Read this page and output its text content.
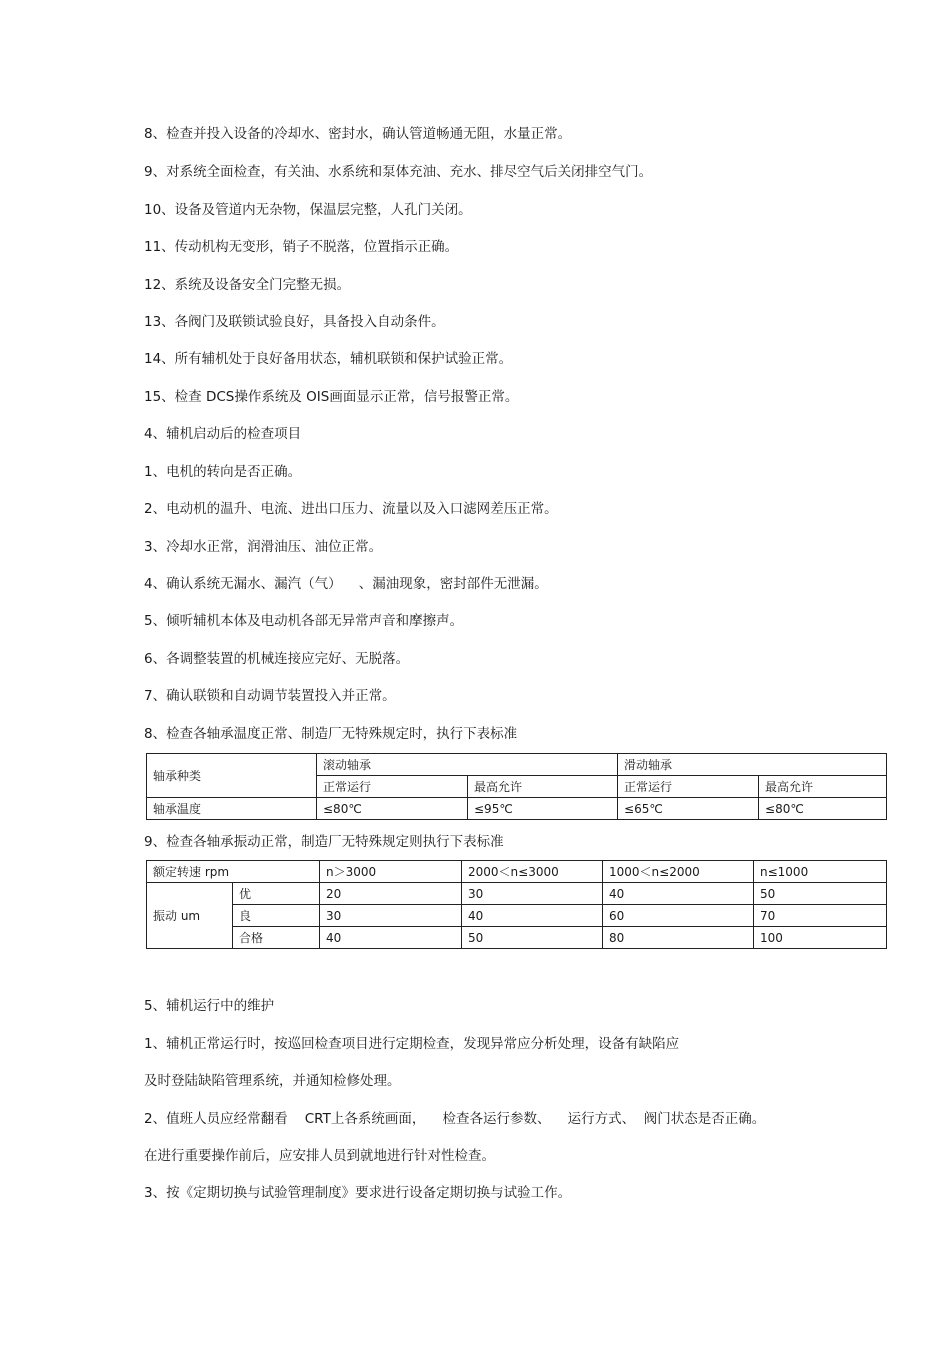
8、检查并投入设备的冷却水、密封水，确认管道畅通无阻，水量正常。
9、对系统全面检查，有关油、水系统和泵体充油、充水、排尽空气后关闭排空气门。
10、设备及管道内无杂物，保温层完整，人孔门关闭。
11、传动机构无变形，销子不脱落，位置指示正确。
12、系统及设备安全门完整无损。
13、各阀门及联锁试验良好，具备投入自动条件。
14、所有辅机处于良好备用状态，辅机联锁和保护试验正常。
15、检查 DCS操作系统及 OIS画面显示正常，信号报警正常。
4、辅机启动后的检查项目
1、电机的转向是否正确。
2、电动机的温升、电流、进出口压力、流量以及入口滤网差压正常。
3、冷却水正常，润滑油压、油位正常。
4、确认系统无漏水、漏汽（气）    、漏油现象，密封部件无泄漏。
5、倾听辅机本体及电动机各部无异常声音和摩擦声。
6、各调整装置的机械连接应完好、无脱落。
7、确认联锁和自动调节装置投入并正常。
8、检查各轴承温度正常、制造厂无特殊规定时，执行下表标准
轴承种类	滚动轴承		滑动轴承	
	正常运行	最高允许	正常运行	最高允许
轴承温度	≤80℃	≤95℃	≤65℃	≤80℃
9、检查各轴承振动正常，制造厂无特殊规定则执行下表标准
额定转速 rpm		n＞3000	2000＜n≤3000	1000＜n≤2000	n≤1000
振动 um	优	20	30	40	50
	良	30	40	60	70
	合格	40	50	80	100
5、辅机运行中的维护
1、辅机正常运行时，按巡回检查项目进行定期检查，发现异常应分析处理，设备有缺陷应
及时登陆缺陷管理系统，并通知检修处理。
2、值班人员应经常翻看    CRT上各系统画面，    检查各运行参数、    运行方式、  阀门状态是否正确。
在进行重要操作前后，应安排人员到就地进行针对性检查。
3、按《定期切换与试验管理制度》要求进行设备定期切换与试验工作。
